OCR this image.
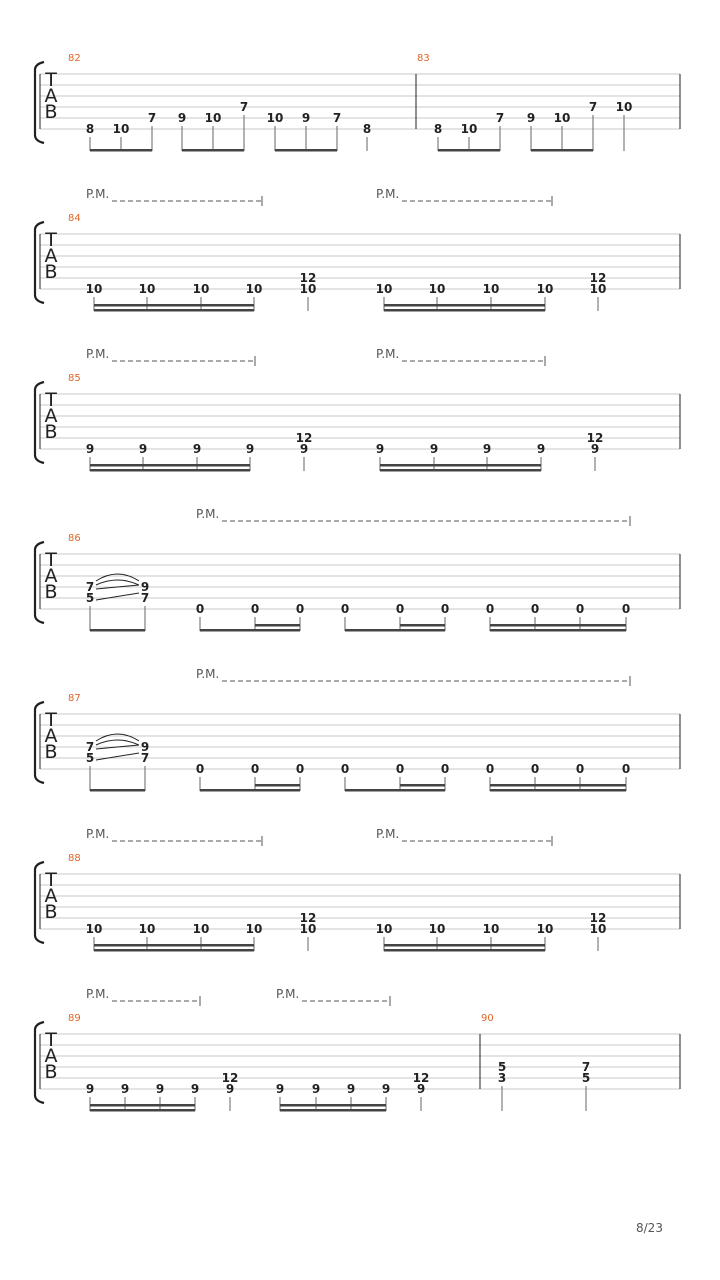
T
A
B
82
8 10
7 9 10
7
10 9 7
8
83
8 10
7 9 10
7 10
T
A
B
P.M.	P.M.
84
10	10	10	10
12
10	10	10	10	10
12
10
T
A
B
P.M.	P.M.
85
9	9	9	9
12
9	9	9	9	9
12
9
T
A
B
P.M.
86
7
5
9
7
0	0	0	0	0	0	0	0	0	0
T
A
B
P.M.
87
7
5
9
7
0	0	0	0	0	0	0	0	0	0
T
A
B
P.M.	P.M.
88
10	10	10	10
12
10	10	10	10	10
12
10
T
A
B
P.M.	P.M.
89
9 9 9 9
12
9	9 9 9 9
12
9
90
5
3
7
5
8/23
